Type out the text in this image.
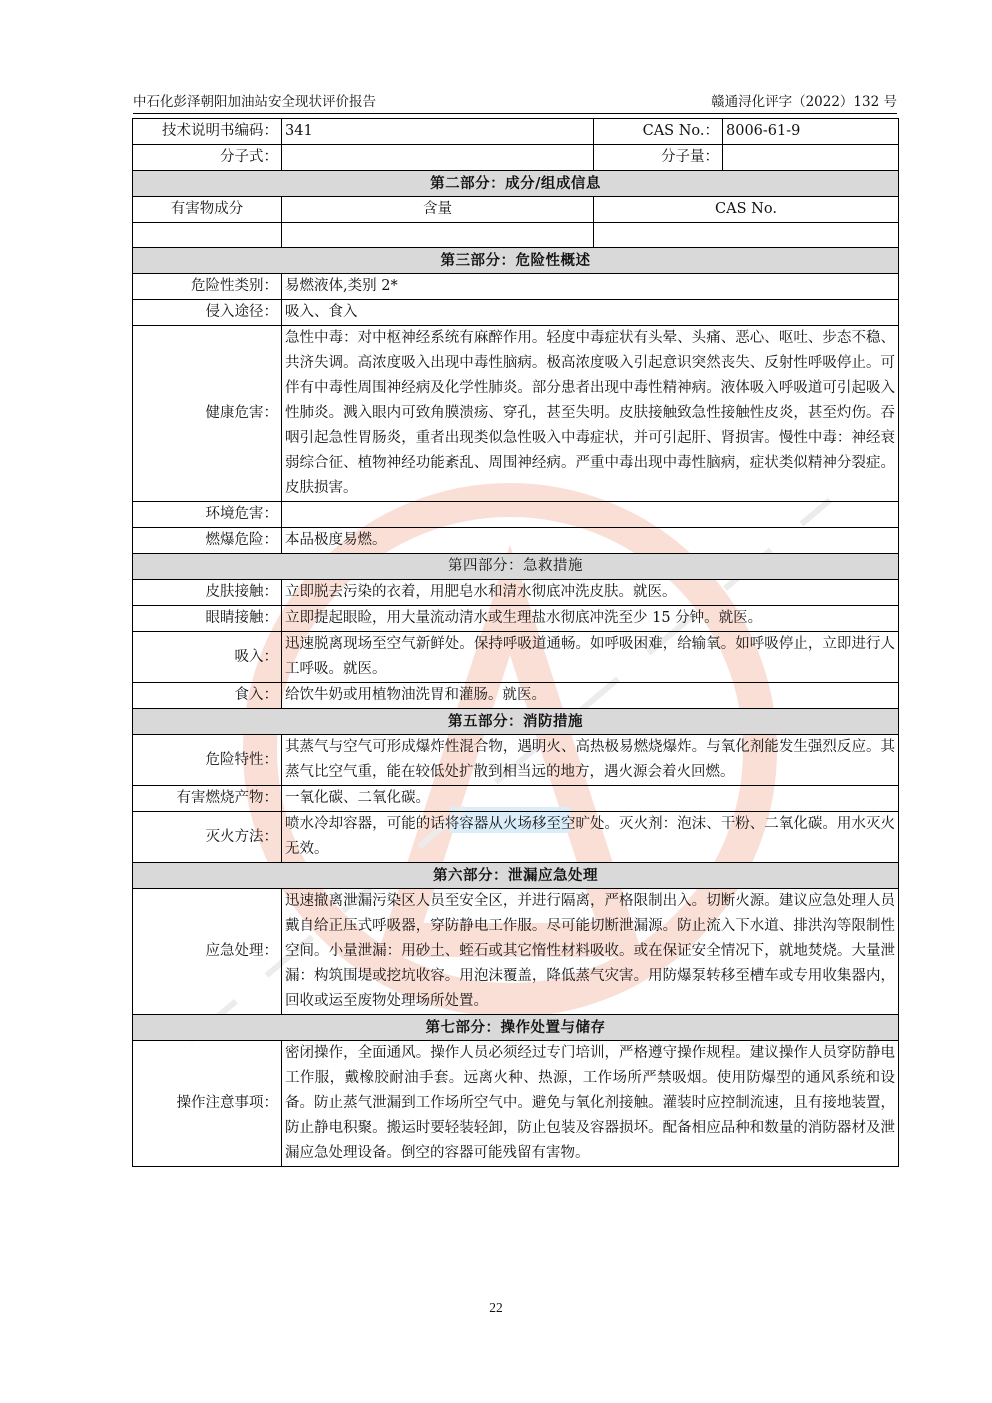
中石化彭泽朝阳加油站安全现状评价报告	赣通浔化评字（2022）132 号
技术说明书编码：	341	CAS No.：	8006-61-9
分子式：		分子量：	
第二部分：成分/组成信息			
有害物成分	含量	CAS No.	

第三部分：危险性概述			
危险性类别：	易燃液体,类别 2*		
侵入途径：	吸入、食入		
健康危害：	急性中毒：对中枢神经系统有麻醉作用。轻度中毒症状有头晕、头痛、恶心、呕吐、步态不稳、共济失调。高浓度吸入出现中毒性脑病。极高浓度吸入引起意识突然丧失、反射性呼吸停止。可伴有中毒性周围神经病及化学性肺炎。部分患者出现中毒性精神病。液体吸入呼吸道可引起吸入性肺炎。溅入眼内可致角膜溃疡、穿孔，甚至失明。皮肤接触致急性接触性皮炎，甚至灼伤。吞咽引起急性胃肠炎，重者出现类似急性吸入中毒症状，并可引起肝、肾损害。慢性中毒：神经衰弱综合征、植物神经功能紊乱、周围神经病。严重中毒出现中毒性脑病，症状类似精神分裂症。皮肤损害。		
环境危害：			
燃爆危险：	本品极度易燃。		
第四部分：急救措施			
皮肤接触：	立即脱去污染的衣着，用肥皂水和清水彻底冲洗皮肤。就医。		
眼睛接触：	立即提起眼睑，用大量流动清水或生理盐水彻底冲洗至少 15 分钟。就医。		
吸入：	迅速脱离现场至空气新鲜处。保持呼吸道通畅。如呼吸困难，给输氧。如呼吸停止，立即进行人工呼吸。就医。		
食入：	给饮牛奶或用植物油洗胃和灌肠。就医。		
第五部分：消防措施			
危险特性：	其蒸气与空气可形成爆炸性混合物，遇明火、高热极易燃烧爆炸。与氧化剂能发生强烈反应。其蒸气比空气重，能在较低处扩散到相当远的地方，遇火源会着火回燃。		
有害燃烧产物：	一氧化碳、二氧化碳。		
灭火方法：	喷水冷却容器，可能的话将容器从火场移至空旷处。灭火剂：泡沫、干粉、二氧化碳。用水灭火无效。		
第六部分：泄漏应急处理			
应急处理：	迅速撤离泄漏污染区人员至安全区，并进行隔离，严格限制出入。切断火源。建议应急处理人员戴自给正压式呼吸器，穿防静电工作服。尽可能切断泄漏源。防止流入下水道、排洪沟等限制性空间。小量泄漏：用砂土、蛭石或其它惰性材料吸收。或在保证安全情况下，就地焚烧。大量泄漏：构筑围堤或挖坑收容。用泡沫覆盖，降低蒸气灾害。用防爆泵转移至槽车或专用收集器内，回收或运至废物处理场所处置。		
第七部分：操作处置与储存			
操作注意事项：	密闭操作，全面通风。操作人员必须经过专门培训，严格遵守操作规程。建议操作人员穿防静电工作服，戴橡胶耐油手套。远离火种、热源，工作场所严禁吸烟。使用防爆型的通风系统和设备。防止蒸气泄漏到工作场所空气中。避免与氧化剂接触。灌装时应控制流速，且有接地装置，防止静电积聚。搬运时要轻装轻卸，防止包装及容器损坏。配备相应品种和数量的消防器材及泄漏应急处理设备。倒空的容器可能残留有害物。		
22
